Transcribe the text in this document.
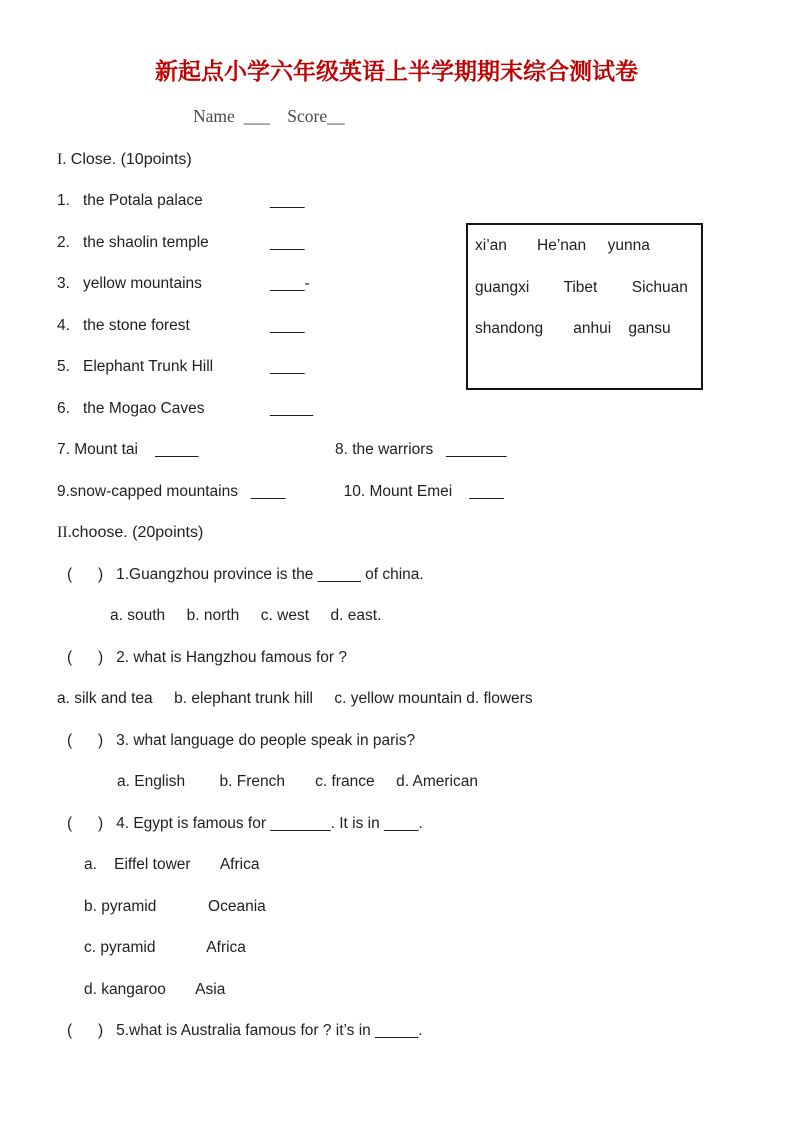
新起点小学六年级英语上半学期期末综合测试卷
Name  ___    Score__
I. Close. (10points)
1. the Potala palace	____
2. the shaolin temple	____
3. yellow mountains	____-
4. the stone forest	____
5. Elephant Trunk Hill	____
6. the Mogao Caves	_____
7. Mount tai    _____	8. the warriors   _______
9.snow-capped mountains   ____	10. Mount Emei    ____
II.choose. (20points)
(      )   1.Guangzhou province is the _____ of china.
a. south     b. north     c. west     d. east.
(      )   2. what is Hangzhou famous for ?
a. silk and tea     b. elephant trunk hill     c. yellow mountain d. flowers
(      )   3. what language do people speak in paris?
a. English        b. French       c. france     d. American
(      )   4. Egypt is famous for _______. It is in ____.
a.    Eiffel tower       Africa
b. pyramid            Oceania
c. pyramid            Africa
d. kangaroo       Asia
(      )   5.what is Australia famous for ? it’s in _____.
xi’an       He’nan     yunna
guangxi        Tibet        Sichuan
shandong       anhui    gansu
